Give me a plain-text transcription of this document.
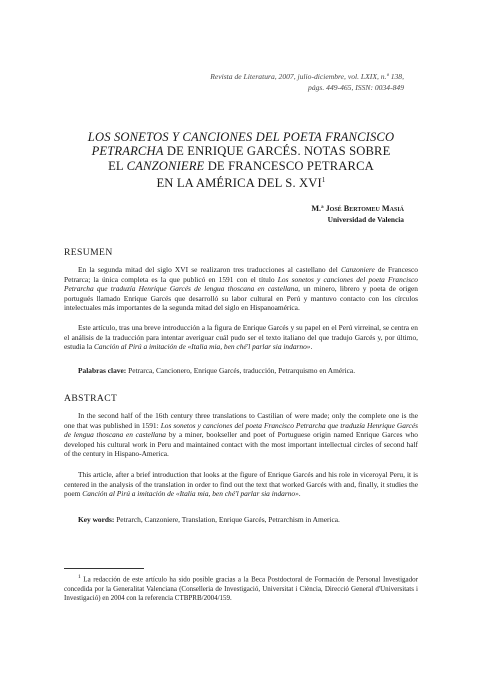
Revista de Literatura, 2007, julio-diciembre, vol. LXIX, n.º 138,
págs. 449-465, ISSN: 0034-849
LOS SONETOS Y CANCIONES DEL POETA FRANCISCO
PETRARCHA DE ENRIQUE GARCÉS. NOTAS SOBRE
EL CANZONIERE DE FRANCESCO PETRARCA
EN LA AMÉRICA DEL S. XVI$^1$
M.ª José Bertomeu Masiá
Universidad de Valencia
RESUMEN
En la segunda mitad del siglo XVI se realizaron tres traducciones al castellano del Canzoniere de Francesco Petrarca; la única completa es la que publicó en 1591 con el título Los sonetos y canciones del poeta Francisco Petrarcha que traduzía Henrique Garcés de lengua thoscana en castellana, un minero, librero y poeta de origen portugués llamado Enrique Garcés que desarrolló su labor cultural en Perú y mantuvo contacto con los círculos intelectuales más importantes de la segunda mitad del siglo en Hispanoamérica.
Este artículo, tras una breve introducción a la figura de Enrique Garcés y su papel en el Perú virreinal, se centra en el análisis de la traducción para intentar averiguar cuál pudo ser el texto italiano del que tradujo Garcés y, por último, estudia la Canción al Pirú a imitación de «Italia mia, ben ché'l parlar sia indarno».
Palabras clave: Petrarca, Cancionero, Enrique Garcés, traducción, Petrarquismo en América.
ABSTRACT
In the second half of the 16th century three translations to Castilian of were made; only the complete one is the one that was published in 1591: Los sonetos y canciones del poeta Francisco Petrarcha que traduzía Henrique Garcés de lengua thoscana en castellana by a miner, bookseller and poet of Portuguese origin named Enrique Garces who developed his cultural work in Peru and maintained contact with the most important intellectual circles of second half of the century in Hispano-America.
This article, after a brief introduction that looks at the figure of Enrique Garcés and his role in viceroyal Peru, it is centered in the analysis of the translation in order to find out the text that worked Garcés with and, finally, it studies the poem Canción al Pirú a imitación de «Italia mia, ben ché'l parlar sia indarno».
Key words: Petrarch, Canzoniere, Translation, Enrique Garcés, Petrarchism in America.
$^1$ La redacción de este artículo ha sido posible gracias a la Beca Postdoctoral de Formación de Personal Investigador concedida por la Generalitat Valenciana (Conselleria de Investigació, Universitat i Ciència, Direcció General d'Universitats i Investigació) en 2004 con la referencia CTBPRB/2004/159.
